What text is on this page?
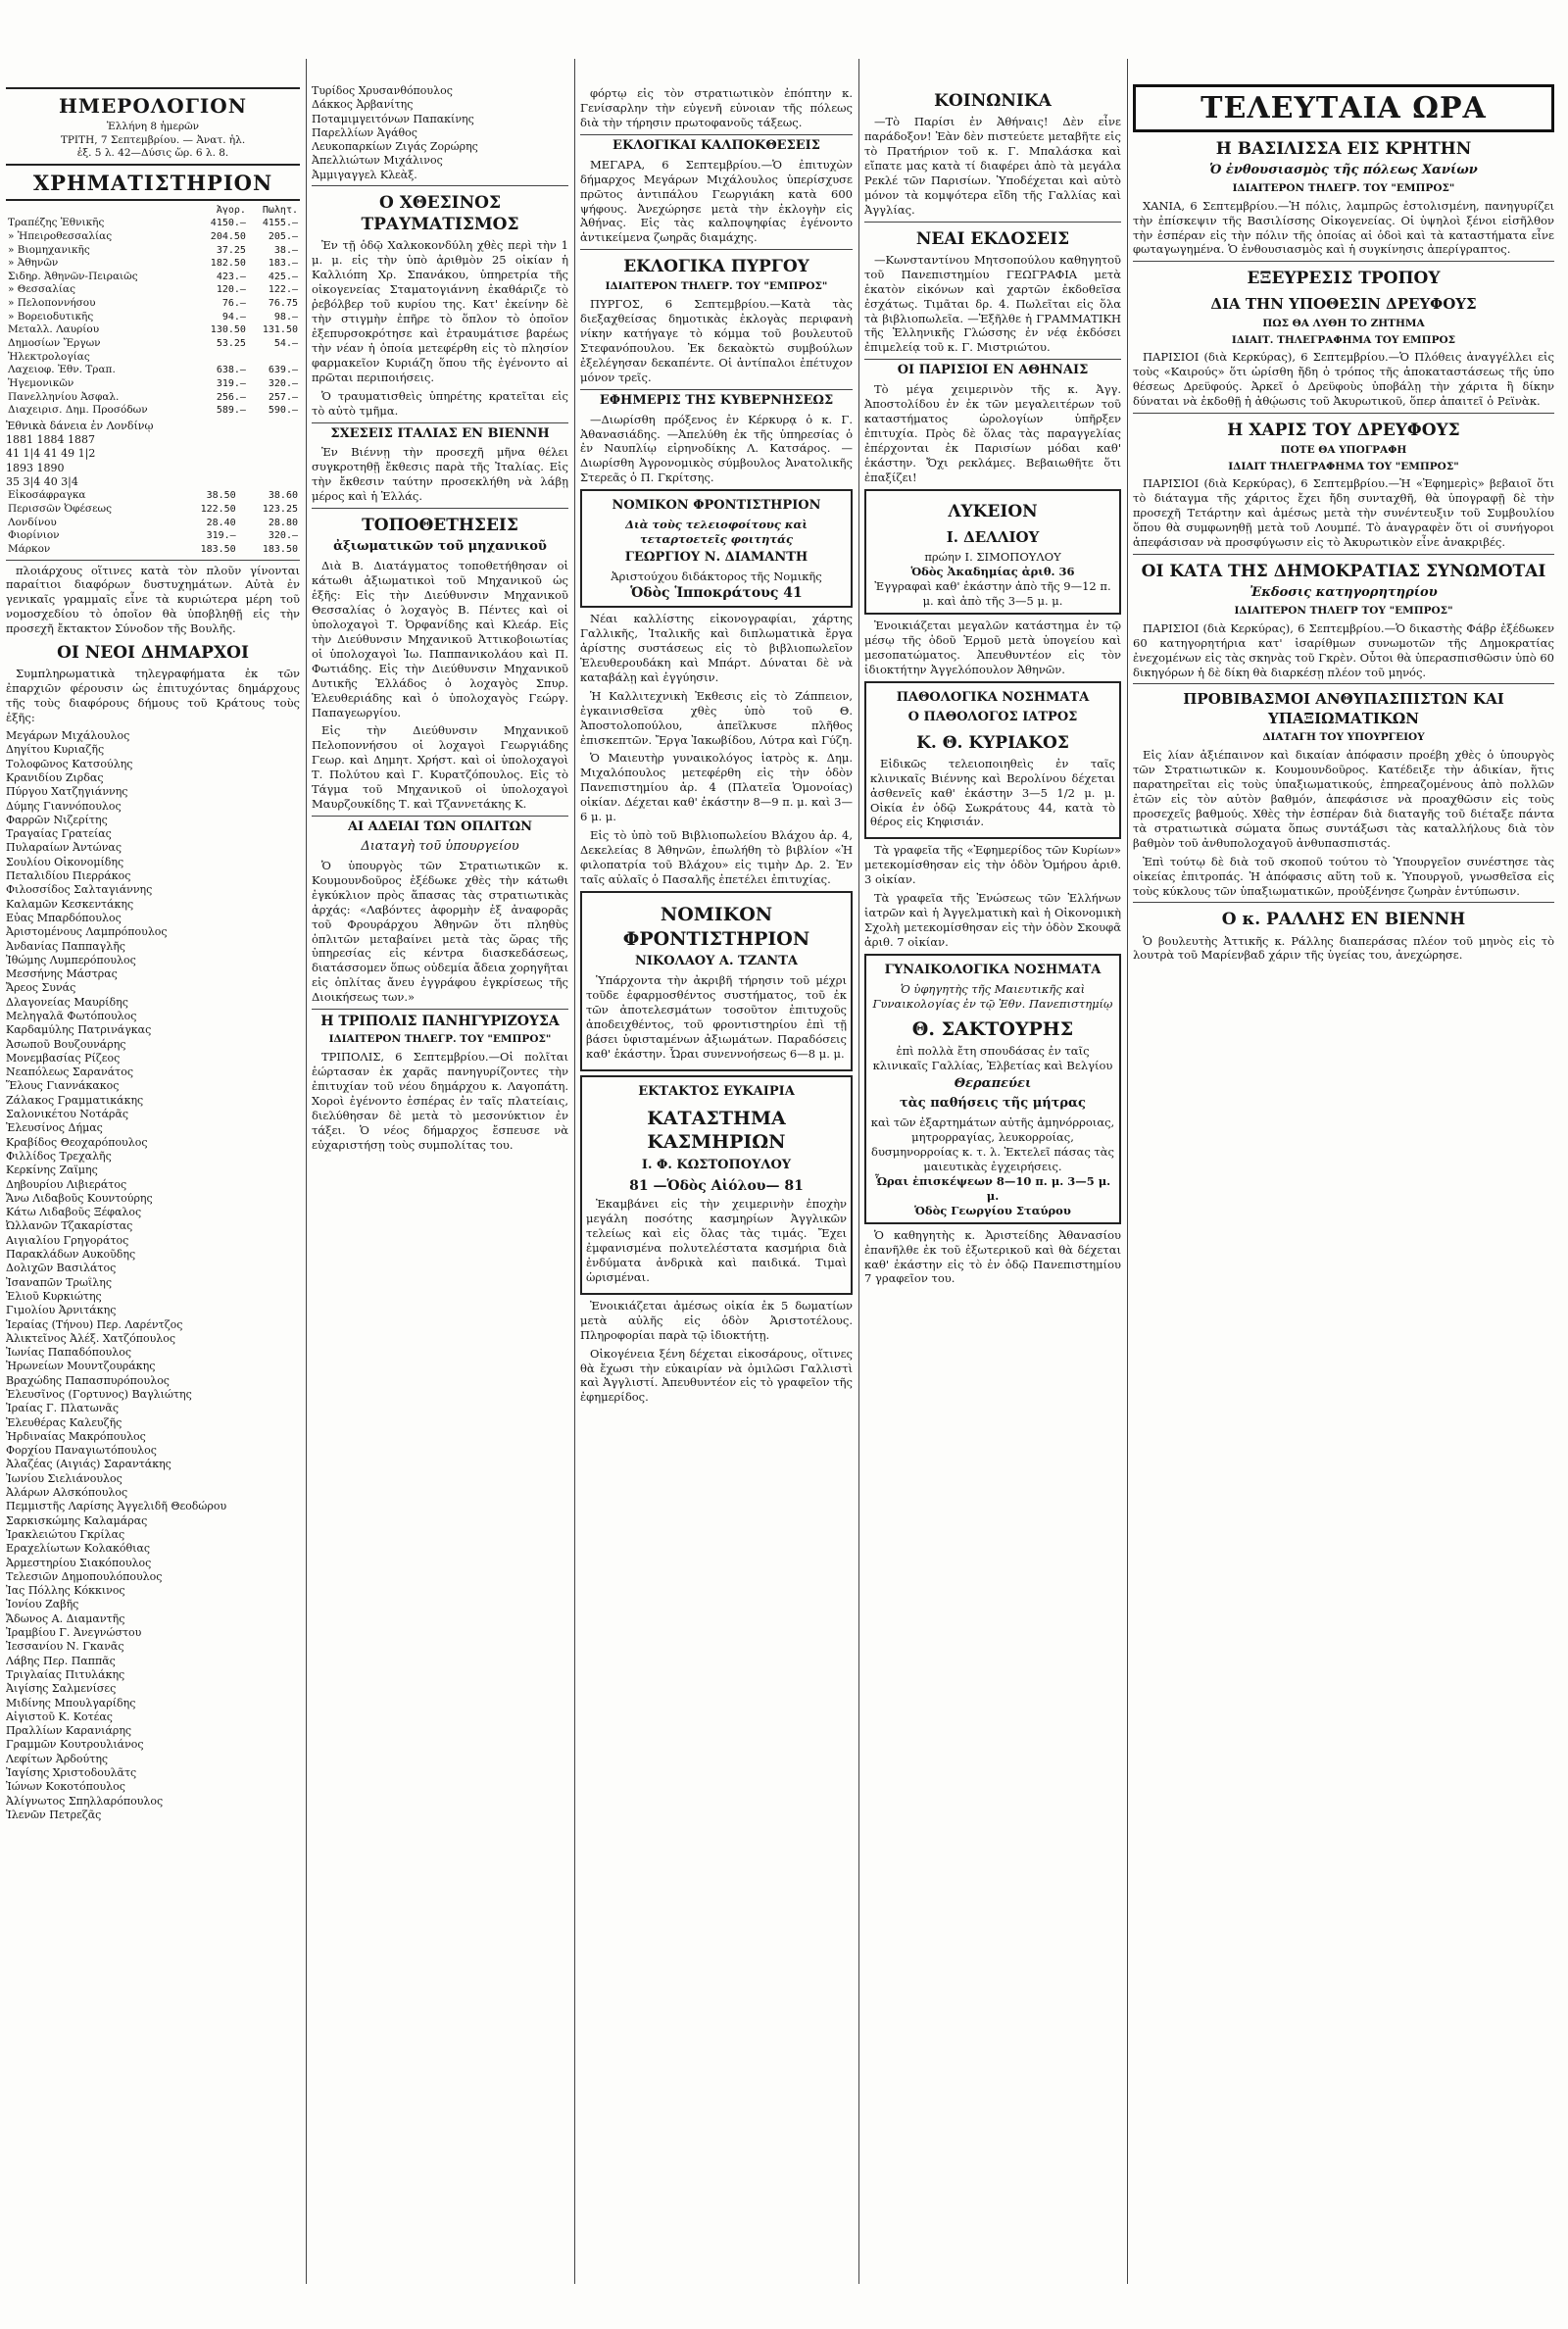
ΗΜΕΡΟΛΟΓΙΟΝ
Ἑλλήνη 8 ἡμερῶν
ΤΡΙΤΗ, 7 Σεπτεμβρίου. — Ἀνατ. ἡλ.
ἐξ. 5 λ. 42—Δύσις ὥρ. 6 λ. 8.
ΧΡΗΜΑΤΙΣΤΗΡΙΟΝ
	Ἀγορ.	Πωλητ.
Τραπέζης Ἐθνικῆς	4150.—	4155.—
» Ἠπειροθεσσαλίας	204.50	205.—
» Βιομηχανικῆς	37.25	38.—
» Ἀθηνῶν	182.50	183.—
Σιδηρ. Ἀθηνῶν-Πειραιῶς	423.—	425.—
» Θεσσαλίας	120.—	122.—
» Πελοποννήσου	76.—	76.75
» Βορειοδυτικῆς	94.—	98.—
Μεταλλ. Λαυρίου	130.50	131.50
Δημοσίων Ἔργων	53.25	54.—
Ἡλεκτρολογίας		
Λαχειοφ. Ἐθν. Τραπ.	638.—	639.—
Ἡγεμονικῶν	319.—	320.—
Πανελληνίου Ἀσφαλ.	256.—	257.—
Διαχειρισ. Δημ. Προσόδων	589.—	590.—
Ἐθνικὰ δάνεια ἐν Λονδίνῳ
1881 1884 1887
41 1|4 41 49 1|2
1893 1890
35 3|4 40 3|4
Εἰκοσάφραγκα	38.50	38.60
Περισσῶν Ὀφέσεως	122.50	123.25
Λονδίνου	28.40	28.80
Φιορίνιον	319.—	320.—
Μάρκον	183.50	183.50
πλοιάρχους οἵτινες κατὰ τὸν πλοῦν γίνονται παραίτιοι διαφόρων δυστυχημάτων. Αὐτὰ ἐν γενικαῖς γραμμαῖς εἶνε τὰ κυριώτερα μέρη τοῦ νομοσχεδίου τὸ ὁποῖον θὰ ὑποβληθῇ εἰς τὴν προσεχῆ ἔκτακτον Σύνοδον τῆς Βουλῆς.
ΟΙ ΝΕΟΙ ΔΗΜΑΡΧΟΙ
Συμπληρωματικὰ τηλεγραφήματα ἐκ τῶν ἐπαρχιῶν φέρουσιν ὡς ἐπιτυχόντας δημάρχους τῆς τοὺς διαφόρους δήμους τοῦ Κράτους τοὺς ἑξῆς:
Μεγάρων Μιχάλουλος
Δηγίτου Κυριαζῆς
Τολοφῶνος Κατσούλης
Κρανιδίου Ζιρδας
Πύργου Χατζηγιάννης
Δύμης Γιαννόπουλος
Φαρρῶν Νιζερίτης
Τραγαίας Γρατείας
Πυλαραίων Ἀντώνας
Σουλίου Οἰκονομίδης
Πεταλιδίου Πιερράκος
Φιλοσσίδος Σαλταγιάννης
Καλαμῶν Κεσκεντάκης
Εὐας Μπαρδόπουλος
Ἀριστομένους Λαμπρόπουλος
Ἀνδανίας Παππαγλῆς
Ἰθώμης Λυμπερόπουλος
Μεσσήνης Μάστρας
Ἄρεος Συνάς
Δλαγονείας Μαυρίδης
Μεληγαλᾶ Φωτόπουλος
Καρδαμύλης Πατρινάγκας
Ἀσωποῦ Βουζουνάρης
Μονεμβασίας Ρίζεος
Νεαπόλεως Σαρανάτος
Ἕλους Γιαννάκακος
Ζάλακος Γραμματικάκης
Σαλονικέτου Νοτάρᾶς
Ἐλευσίνος Δήμας
Κραβίδος Θεοχαρόπουλος
Φιλλίδος Τρεχαλῆς
Κερκίνης Ζαϊμης
Δηβουρίου Λιβιεράτος
Ἄνω Λιδαβοῦς Κουντούρης
Κάτω Λιδαβοῦς Ξέφαλος
Ὠλλανῶν Τζακαρίστας
Αιγιαλίου Γρηγοράτος
Παρακλάδων Αυκοῦδης
Δολιχῶν Βασιλάτος
Ἰσαναπῶν Τρωΐλης
Ἑλιοῦ Κυρκιώτης
Γιμολίου Ἀρνιτάκης
Ἱεραίας (Τήνου) Περ. Λαρέντζος
Ἀλικτεῖνος Ἀλέξ. Χατζόπουλος
Ἰωνίας Παπαδόπουλος
Ἠρωνείων Μουντζουράκης
Βραχώδης Παπασπυρόπουλος
Ἐλευσῖνος (Γορτυνος) Βαγλιώτης
Ἰραίας Γ. Πλατωνᾶς
Ἐλευθέρας Καλευζῆς
Ἠρδιναίας Μακρόπουλος
Φορχίου Παναγιωτόπουλος
Ἀλαζέας (Αιγιάς) Σαραντάκης
Ἰωνίου Σιελιάνουλος
Ἀλάρων Αλσκόπουλος
Πεμμιστῆς Λαρίσης Ἀγγελιδῆ Θεοδώρου
Σαρκισκώμης Καλαμάρας
Ἰρακλειώτου Γκρίλας
Εραχελίωτων Κολακόθιας
Ἀρμεστηρίου Σιακόπουλος
Τελεσιῶν Δημοπουλόπουλος
Ἰας Πόλλης Κόκκινος
Ἰονίου Ζαβῆς
Ἄδωνος Α. Διαμαντῆς
Ἰραμβίου Γ. Ἀνεγνώστου
Ἰεσσανίου Ν. Γκανᾶς
Λάβης Περ. Παππᾶς
Τριγλαίας Πιτυλάκης
Ἀιγίσης Σαλμενίσες
Μιδίνης Μπουλγαρίδης
Αἰγιστοῦ Κ. Κοτέας
Πραλλίων Καρανιάρης
Γραμμῶν Κουτρουλιάνος
Λεφίτων Ἀρδούτης
Ἰαγίσης Χριστοδουλᾶτς
Ἰώνων Κοκοτόπουλος
Ἀλίγνωτος Σπηλλαρόπουλος
Ἰλενῶν Πετρεζᾶς
Τυρίδος Χρυσανθόπουλος
Δάκκος Ἀρβανίτης
Ποταμιμγειτόνων Παπακίνης
Παρελλίων Ἀγάθος
Λευκοπαρκίων Ζιγάς Ζορώρης
Ἀπελλιώτων Μιχάλινος
Ἀμμιγαγγελ Κλεὰξ.
Ο ΧΘΕΣΙΝΟΣ ΤΡΑΥΜΑΤΙΣΜΟΣ
Ἐν τῇ ὁδῷ Χαλκοκονδύλη χθὲς περὶ τὴν 1 μ. μ. εἰς τὴν ὑπὸ ἀριθμὸν 25 οἰκίαν ἡ Καλλιόπη Χρ. Σπανάκου, ὑπηρετρία τῆς οἰκογενείας Σταματογιάννη ἐκαθάριζε τὸ ῥεβόλβερ τοῦ κυρίου της. Κατ' ἐκείνην δὲ τὴν στιγμὴν ἐπῆρε τὸ ὅπλον τὸ ὁποῖον ἐξεπυρσοκρότησε καὶ ἐτραυμάτισε βαρέως τὴν νέαν ἡ ὁποία μετεφέρθη εἰς τὸ πλησίον φαρμακεῖον Κυριάζη ὅπου τῆς ἐγένοντο αἱ πρῶται περιποιήσεις.
Ὁ τραυματισθεὶς ὑπηρέτης κρατεῖται εἰς τὸ αὐτὸ τμῆμα.
ΣΧΕΣΕΙΣ ΙΤΑΛΙΑΣ ΕΝ ΒΙΕΝΝΗ
Ἐν Βιέννῃ τὴν προσεχῆ μῆνα θέλει συγκροτηθῇ ἔκθεσις παρὰ τῆς Ἰταλίας. Εἰς τὴν ἔκθεσιν ταύτην προσεκλήθη νὰ λάβῃ μέρος καὶ ἡ Ἑλλάς.
ΤΟΠΟΘΕΤΗΣΕΙΣ
ἀξιωματικῶν τοῦ μηχανικοῦ
Διὰ Β. Διατάγματος τοποθετήθησαν οἱ κάτωθι ἀξιωματικοὶ τοῦ Μηχανικοῦ ὡς ἑξῆς: Εἰς τὴν Διεύθυνσιν Μηχανικοῦ Θεσσαλίας ὁ λοχαγὸς Β. Πέντες καὶ οἱ ὑπολοχαγοὶ Τ. Ὀρφανίδης καὶ Κλεάρ. Εἰς τὴν Διεύθυνσιν Μηχανικοῦ Ἀττικοβοιωτίας οἱ ὑπολοχαγοὶ Ἰω. Παππανικολάου καὶ Π. Φωτιάδης. Εἰς τὴν Διεύθυνσιν Μηχανικοῦ Δυτικῆς Ἑλλάδος ὁ λοχαγὸς Σπυρ. Ἑλευθεριάδης καὶ ὁ ὑπολοχαγὸς Γεώργ. Παπαγεωργίου.
Εἰς τὴν Διεύθυνσιν Μηχανικοῦ Πελοποννήσου οἱ λοχαγοὶ Γεωργιάδης Γεωρ. καὶ Δημητ. Χρήστ. καὶ οἱ ὑπολοχαγοὶ Τ. Πολύτου καὶ Γ. Κυρατζόπουλος. Εἰς τὸ Τάγμα τοῦ Μηχανικοῦ οἱ ὑπολοχαγοὶ Μαυρζουκίδης Τ. καὶ Τζαννετάκης Κ.
ΑΙ ΑΔΕΙΑΙ ΤΩΝ ΟΠΛΙΤΩΝ
Διαταγὴ τοῦ ὑπουργείου
Ὁ ὑπουργὸς τῶν Στρατιωτικῶν κ. Κουμουνδοῦρος ἐξέδωκε χθὲς τὴν κάτωθι ἐγκύκλιον πρὸς ἅπασας τὰς στρατιωτικὰς ἀρχάς: «Λαβόντες ἀφορμὴν ἐξ ἀναφορᾶς τοῦ Φρουράρχου Ἀθηνῶν ὅτι πληθὺς ὁπλιτῶν μεταβαίνει μετὰ τὰς ὥρας τῆς ὑπηρεσίας εἰς κέντρα διασκεδάσεως, διατάσσομεν ὅπως οὐδεμία ἄδεια χορηγῆται εἰς ὁπλίτας ἄνευ ἐγγράφου ἐγκρίσεως τῆς Διοικήσεως των.»
Η ΤΡΙΠΟΛΙΣ ΠΑΝΗΓΥΡΙΖΟΥΣΑ
ΙΔΙΑΙΤΕΡΟΝ ΤΗΛΕΓΡ. ΤΟΥ "ΕΜΠΡΟΣ"
ΤΡΙΠΟΛΙΣ, 6 Σεπτεμβρίου.—Οἱ πολῖται ἑώρτασαν ἐκ χαρᾶς πανηγυρίζοντες τὴν ἐπιτυχίαν τοῦ νέου δημάρχου κ. Λαγοπάτη. Χοροὶ ἐγένοντο ἑσπέρας ἐν ταῖς πλατείαις, διελύθησαν δὲ μετὰ τὸ μεσονύκτιον ἐν τάξει. Ὁ νέος δήμαρχος ἔσπευσε νὰ εὐχαριστήσῃ τοὺς συμπολίτας του.
φόρτῳ εἰς τὸν στρατιωτικὸν ἐπόπτην κ. Γενίσαρλην τὴν εὐγενῆ εὐνοιαν τῆς πόλεως διὰ τὴν τήρησιν πρωτοφανοῦς τάξεως.
ΕΚΛΟΓΙΚΑΙ ΚΑΛΠΟΚΘΕΣΕΙΣ
ΜΕΓΑΡΑ, 6 Σεπτεμβρίου.—Ὁ ἐπιτυχὼν δήμαρχος Μεγάρων Μιχάλουλος ὑπερίσχυσε πρῶτος ἀντιπάλου Γεωργιάκη κατὰ 600 ψήφους. Ἀνεχώρησε μετὰ τὴν ἐκλογὴν εἰς Ἀθήνας. Εἰς τὰς καλποψηφίας ἐγένοντο ἀντικείμενα ζωηρᾶς διαμάχης.
ΕΚΛΟΓΙΚΑ ΠΥΡΓΟΥ
ΙΔΙΑΙΤΕΡΟΝ ΤΗΛΕΓΡ. ΤΟΥ "ΕΜΠΡΟΣ"
ΠΥΡΓΟΣ, 6 Σεπτεμβρίου.—Κατὰ τὰς διεξαχθείσας δημοτικὰς ἐκλογὰς περιφανὴ νίκην κατήγαγε τὸ κόμμα τοῦ βουλευτοῦ Στεφανόπουλου. Ἐκ δεκαὸκτὼ συμβούλων ἐξελέγησαν δεκαπέντε. Οἱ ἀντίπαλοι ἐπέτυχον μόνον τρεῖς.
ΕΦΗΜΕΡΙΣ ΤΗΣ ΚΥΒΕΡΝΗΣΕΩΣ
—Διωρίσθη πρόξενος ἐν Κέρκυρᾳ ὁ κ. Γ. Ἀθανασιάδης. —Ἀπελύθη ἐκ τῆς ὑπηρεσίας ὁ ἐν Ναυπλίῳ εἰρηνοδίκης Λ. Κατσάρος. —Διωρίσθη Ἀγρονομικὸς σύμβουλος Ἀνατολικῆς Στερεᾶς ὁ Π. Γκρίτσης.
ΝΟΜΙΚΟΝ ΦΡΟΝΤΙΣΤΗΡΙΟΝ
Διὰ τοὺς τελειοφοίτους καὶ τεταρτοετεῖς φοιτητάς
ΓΕΩΡΓΙΟΥ Ν. ΔΙΑΜΑΝΤΗ
Ἀριστούχου διδάκτορος τῆς Νομικῆς
Ὁδὸς Ἱπποκράτους 41
Νέαι καλλίστης εἰκονογραφίαι, χάρτης Γαλλικῆς, Ἰταλικῆς καὶ διπλωματικὰ ἔργα ἀρίστης συστάσεως εἰς τὸ βιβλιοπωλεῖον Ἐλευθερουδάκη καὶ Μπάρτ. Δύναται δὲ νὰ καταβάλῃ καὶ ἐγγύησιν.
Ἡ Καλλιτεχνικὴ Ἐκθεσις εἰς τὸ Ζάππειον, ἐγκαινισθεῖσα χθὲς ὑπὸ τοῦ Θ. Ἀποστολοπούλου, ἀπεῖλκυσε πλῆθος ἐπισκεπτῶν. Ἔργα Ἰακωβίδου, Λύτρα καὶ Γύζη.
Ὁ Μαιευτὴρ γυναικολόγος ἰατρὸς κ. Δημ. Μιχαλόπουλος μετεφέρθη εἰς τὴν ὁδὸν Πανεπιστημίου ἀρ. 4 (Πλατεῖα Ὁμονοίας) οἰκίαν. Δέχεται καθ' ἑκάστην 8—9 π. μ. καὶ 3—6 μ. μ.
Εἰς τὸ ὑπὸ τοῦ Βιβλιοπωλείου Βλάχου ἀρ. 4, Δεκελείας 8 Ἀθηνῶν, ἐπωλήθη τὸ βιβλίον «Ἡ φιλοπατρία τοῦ Βλάχου» εἰς τιμὴν Δρ. 2. Ἐν ταῖς αὐλαῖς ὁ Πασαλῆς ἐπετέλει ἐπιτυχίας.
ΝΟΜΙΚΟΝ ΦΡΟΝΤΙΣΤΗΡΙΟΝ
ΝΙΚΟΛΑΟΥ Α. ΤΖΑΝΤΑ
Ὑπάρχοντα τὴν ἀκριβῆ τήρησιν τοῦ μέχρι τοῦδε ἐφαρμοσθέντος συστήματος, τοῦ ἐκ τῶν ἀποτελεσμάτων τοσοῦτον ἐπιτυχοῦς ἀποδειχθέντος, τοῦ φροντιστηρίου ἐπὶ τῇ βάσει ὑφισταμένων ἀξιωμάτων. Παραδόσεις καθ' ἑκάστην. Ὧραι συνεννοήσεως 6—8 μ. μ.
ΕΚΤΑΚΤΟΣ ΕΥΚΑΙΡΙΑ
ΚΑΤΑΣΤΗΜΑ ΚΑΣΜΗΡΙΩΝ
Ι. Φ. ΚΩΣΤΟΠΟΥΛΟΥ
81 —Ὁδὸς Αἰόλου— 81
Ἐκαμβάνει εἰς τὴν χειμερινὴν ἐποχὴν μεγάλη ποσότης κασμηρίων Ἀγγλικῶν τελείως καὶ εἰς ὅλας τὰς τιμάς. Ἔχει ἐμφανισμένα πολυτελέστατα κασμήρια διὰ ἐνδύματα ἀνδρικὰ καὶ παιδικά. Τιμαὶ ὡρισμέναι.
Ἐνοικιάζεται ἀμέσως οἰκία ἐκ 5 δωματίων μετὰ αὐλῆς εἰς ὁδὸν Ἀριστοτέλους. Πληροφορίαι παρὰ τῷ ἰδιοκτήτῃ.
Οἰκογένεια ξένη δέχεται εἰκοσάρους, οἵτινες θὰ ἔχωσι τὴν εὐκαιρίαν νὰ ὁμιλῶσι Γαλλιστὶ καὶ Ἀγγλιστί. Ἀπευθυντέον εἰς τὸ γραφεῖον τῆς ἐφημερίδος.
ΚΟΙΝΩΝΙΚΑ
—Τὸ Παρίσι ἐν Ἀθήναις! Δὲν εἶνε παράδοξον! Ἐὰν δὲν πιστεύετε μεταβῆτε εἰς τὸ Πρατήριον τοῦ κ. Γ. Μπαλάσκα καὶ εἴπατε μας κατὰ τί διαφέρει ἀπὸ τὰ μεγάλα Ρεκλέ τῶν Παρισίων. Ὑποδέχεται καὶ αὐτὸ μόνον τὰ κομψότερα εἴδη τῆς Γαλλίας καὶ Ἀγγλίας.
ΝΕΑΙ ΕΚΔΟΣΕΙΣ
—Κωνσταντίνου Μητσοπούλου καθηγητοῦ τοῦ Πανεπιστημίου ΓΕΩΓΡΑΦΙΑ μετὰ ἑκατὸν εἰκόνων καὶ χαρτῶν ἐκδοθεῖσα ἐσχάτως. Τιμᾶται δρ. 4. Πωλεῖται εἰς ὅλα τὰ βιβλιοπωλεῖα. —Ἐξῆλθε ἡ ΓΡΑΜΜΑΤΙΚΗ τῆς Ἑλληνικῆς Γλώσσης ἐν νέᾳ ἐκδόσει ἐπιμελείᾳ τοῦ κ. Γ. Μιστριώτου.
ΟΙ ΠΑΡΙΣΙΟΙ ΕΝ ΑΘΗΝΑΙΣ
Τὸ μέγα χειμερινὸν τῆς κ. Ἀγγ. Ἀποστολίδου ἐν ἐκ τῶν μεγαλειτέρων τοῦ καταστήματος ὡρολογίων ὑπῆρξεν ἐπιτυχία. Πρὸς δὲ ὅλας τὰς παραγγελίας ἐπέρχονται ἐκ Παρισίων μόδαι καθ' ἑκάστην. Ὄχι ρεκλάμες. Βεβαιωθῆτε ὅτι ἐπαξίζει!
ΛΥΚΕΙΟΝ
Ι. ΔΕΛΛΙΟΥ
πρώην Ι. ΣΙΜΟΠΟΥΛΟΥ
Ὁδὸς Ἀκαδημίας ἀριθ. 36
Ἐγγραφαὶ καθ' ἑκάστην ἀπὸ τῆς 9—12 π. μ. καὶ ἀπὸ τῆς 3—5 μ. μ.
Ἐνοικιάζεται μεγαλῶν κατάστημα ἐν τῷ μέσῳ τῆς ὁδοῦ Ἑρμοῦ μετὰ ὑπογείου καὶ μεσοπατώματος. Ἀπευθυντέον εἰς τὸν ἰδιοκτήτην Ἀγγελόπουλον Ἀθηνῶν.
ΠΑΘΟΛΟΓΙΚΑ ΝΟΣΗΜΑΤΑ
Ο ΠΑΘΟΛΟΓΟΣ ΙΑΤΡΟΣ
Κ. Θ. ΚΥΡΙΑΚΟΣ
Εἰδικῶς τελειοποιηθεὶς ἐν ταῖς κλινικαῖς Βιέννης καὶ Βερολίνου δέχεται ἀσθενεῖς καθ' ἑκάστην 3—5 1/2 μ. μ. Οἰκία ἐν ὁδῷ Σωκράτους 44, κατὰ τὸ θέρος εἰς Κηφισιάν.
Τὰ γραφεῖα τῆς «Ἐφημερίδος τῶν Κυρίων» μετεκομίσθησαν εἰς τὴν ὁδὸν Ὁμήρου ἀριθ. 3 οἰκίαν.
Τὰ γραφεῖα τῆς Ἐνώσεως τῶν Ἑλλήνων ἰατρῶν καὶ ἡ Ἀγγελματικὴ καὶ ἡ Οἰκονομικὴ Σχολὴ μετεκομίσθησαν εἰς τὴν ὁδὸν Σκουφᾶ ἀριθ. 7 οἰκίαν.
ΓΥΝΑΙΚΟΛΟΓΙΚΑ ΝΟΣΗΜΑΤΑ
Ὁ ὑφηγητὴς τῆς Μαιευτικῆς καὶ Γυναικολογίας ἐν τῷ Ἐθν. Πανεπιστημίῳ
Θ. ΣΑΚΤΟΥΡΗΣ
ἐπὶ πολλὰ ἔτη σπουδάσας ἐν ταῖς κλινικαῖς Γαλλίας, Ἑλβετίας καὶ Βελγίου
Θεραπεύει
τὰς παθήσεις τῆς μήτρας
καὶ τῶν ἐξαρτημάτων αὐτῆς ἀμηνόρροιας, μητρορραγίας, λευκορροίας, δυσμηνορροίας κ. τ. λ. Ἐκτελεῖ πάσας τὰς μαιευτικὰς ἐγχειρήσεις.
Ὧραι ἐπισκέψεων 8—10 π. μ. 3—5 μ. μ.
Ὁδὸς Γεωργίου Σταύρου
Ὁ καθηγητὴς κ. Ἀριστείδης Ἀθανασίου ἐπανῆλθε ἐκ τοῦ ἐξωτερικοῦ καὶ θὰ δέχεται καθ' ἑκάστην εἰς τὸ ἐν ὁδῷ Πανεπιστημίου 7 γραφεῖον του.
ΤΕΛΕΥΤΑΙΑ ΩΡΑ
Η ΒΑΣΙΛΙΣΣΑ ΕΙΣ ΚΡΗΤΗΝ
Ὁ ἐνθουσιασμὸς τῆς πόλεως Χανίων
ΙΔΙΑΙΤΕΡΟΝ ΤΗΛΕΓΡ. ΤΟΥ "ΕΜΠΡΟΣ"
ΧΑΝΙΑ, 6 Σεπτεμβρίου.—Ἡ πόλις, λαμπρῶς ἐστολισμένη, πανηγυρίζει τὴν ἐπίσκεψιν τῆς Βασιλίσσης Οἰκογενείας. Οἱ ὑψηλοὶ ξένοι εἰσῆλθον τὴν ἑσπέραν εἰς τὴν πόλιν τῆς ὁποίας αἱ ὁδοὶ καὶ τὰ καταστήματα εἶνε φωταγωγημένα. Ὁ ἐνθουσιασμὸς καὶ ἡ συγκίνησις ἀπερίγραπτος.
ΕΞΕΥΡΕΣΙΣ ΤΡΟΠΟΥ
ΔΙΑ ΤΗΝ ΥΠΟΘΕΣΙΝ ΔΡΕΥΦΟΥΣ
ΠΩΣ ΘΑ ΛΥΘΗ ΤΟ ΖΗΤΗΜΑ
ΙΔΙΑΙΤ. ΤΗΛΕΓΡΑΦΗΜΑ ΤΟΥ ΕΜΠΡΟΣ
ΠΑΡΙΣΙΟΙ (διὰ Κερκύρας), 6 Σεπτεμβρίου.—Ὁ Πλόθεις ἀναγγέλλει εἰς τοὺς «Καιρούς» ὅτι ὡρίσθη ἤδη ὁ τρόπος τῆς ἀποκαταστάσεως τῆς ὑπο θέσεως Δρεϋφούς. Ἀρκεῖ ὁ Δρεϋφοὺς ὑποβάλῃ τὴν χάριτα ἢ δίκην δύναται νὰ ἐκδοθῇ ἡ ἀθῴωσις τοῦ Ἀκυρωτικοῦ, ὅπερ ἀπαιτεῖ ὁ Ρεϊνὰκ.
Η ΧΑΡΙΣ ΤΟΥ ΔΡΕΥΦΟΥΣ
ΠΟΤΕ ΘΑ ΥΠΟΓΡΑΦΗ
ΙΔΙΑΙΤ ΤΗΛΕΓΡΑΦΗΜΑ ΤΟΥ "ΕΜΠΡΟΣ"
ΠΑΡΙΣΙΟΙ (διὰ Κερκύρας), 6 Σεπτεμβρίου.—Ἡ «Ἐφημερὶς» βεβαιοῖ ὅτι τὸ διάταγμα τῆς χάριτος ἔχει ἤδη συνταχθῆ, θὰ ὑπογραφῇ δὲ τὴν προσεχῆ Τετάρτην καὶ ἀμέσως μετὰ τὴν συνέντευξιν τοῦ Συμβουλίου ὅπου θὰ συμφωνηθῇ μετὰ τοῦ Λουμπέ. Τὸ ἀναγραφὲν ὅτι οἱ συνήγοροι ἀπεφάσισαν νὰ προσφύγωσιν εἰς τὸ Ἀκυρωτικὸν εἶνε ἀνακριβές.
ΟΙ ΚΑΤΑ ΤΗΣ ΔΗΜΟΚΡΑΤΙΑΣ ΣΥΝΩΜΟΤΑΙ
Ἐκδοσις κατηγορητηρίου
ΙΔΙΑΙΤΕΡΟΝ ΤΗΛΕΓΡ ΤΟΥ "ΕΜΠΡΟΣ"
ΠΑΡΙΣΙΟΙ (διὰ Κερκύρας), 6 Σεπτεμβρίου.—Ὁ δικαστὴς Φάβρ ἐξέδωκεν 60 κατηγορητήρια κατ' ἰσαρίθμων συνωμοτῶν τῆς Δημοκρατίας ἐνεχομένων εἰς τὰς σκηνὰς τοῦ Γκρὲν. Οὗτοι θὰ ὑπερασπισθῶσιν ὑπὸ 60 δικηγόρων ἡ δὲ δίκη θὰ διαρκέσῃ πλέον τοῦ μηνός.
ΠΡΟΒΙΒΑΣΜΟΙ ΑΝΘΥΠΑΣΠΙΣΤΩΝ ΚΑΙ ΥΠΑΞΙΩΜΑΤΙΚΩΝ
ΔΙΑΤΑΓΗ ΤΟΥ ΥΠΟΥΡΓΕΙΟΥ
Εἰς λίαν ἀξιέπαινον καὶ δικαίαν ἀπόφασιν προέβη χθὲς ὁ ὑπουργὸς τῶν Στρατιωτικῶν κ. Κουμουνδοῦρος. Κατέδειξε τὴν ἀδικίαν, ἥτις παρατηρεῖται εἰς τοὺς ὑπαξιωματικούς, ἐπηρεαζομένους ἀπὸ πολλῶν ἐτῶν εἰς τὸν αὐτὸν βαθμόν, ἀπεφάσισε νὰ προαχθῶσιν εἰς τοὺς προσεχεῖς βαθμούς. Χθὲς τὴν ἑσπέραν διὰ διαταγῆς τοῦ διέταξε πάντα τὰ στρατιωτικὰ σώματα ὅπως συντάξωσι τὰς καταλλήλους διὰ τὸν βαθμὸν τοῦ ἀνθυπολοχαγοῦ ἀνθυπασπιστάς.
Ἐπὶ τούτῳ δὲ διὰ τοῦ σκοποῦ τούτου τὸ Ὑπουργεῖον συνέστησε τὰς οἰκείας ἐπιτροπάς. Ἡ ἀπόφασις αὕτη τοῦ κ. Ὑπουργοῦ, γνωσθεῖσα εἰς τοὺς κύκλους τῶν ὑπαξιωματικῶν, προὐξένησε ζωηρὰν ἐντύπωσιν.
Ο κ. ΡΑΛΛΗΣ ΕΝ ΒΙΕΝΝΗ
Ὁ βουλευτὴς Ἀττικῆς κ. Ράλλης διαπεράσας πλέον τοῦ μηνὸς εἰς τὸ λουτρὰ τοῦ Μαρίενβαδ χάριν τῆς ὑγείας του, ἀνεχώρησε.
